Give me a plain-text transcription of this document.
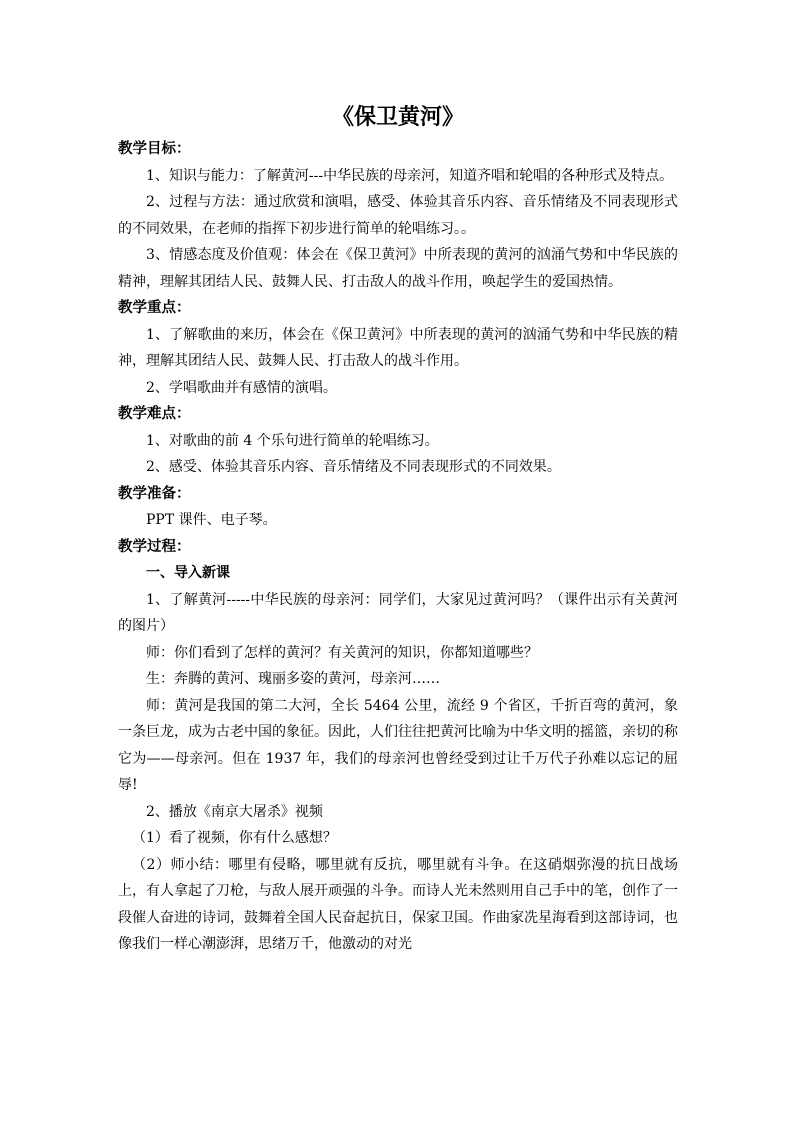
《保卫黄河》

教学目标：

1、知识与能力：了解黄河---中华民族的母亲河，知道齐唱和轮唱的各种形式及特点。

2、过程与方法：通过欣赏和演唱，感受、体验其音乐内容、音乐情绪及不同表现形式的不同效果，在老师的指挥下初步进行简单的轮唱练习。。

3、情感态度及价值观：体会在《保卫黄河》中所表现的黄河的汹涌气势和中华民族的精神，理解其团结人民、鼓舞人民、打击敌人的战斗作用，唤起学生的爱国热情。

教学重点：

1、了解歌曲的来历，体会在《保卫黄河》中所表现的黄河的汹涌气势和中华民族的精神，理解其团结人民、鼓舞人民、打击敌人的战斗作用。

2、学唱歌曲并有感情的演唱。

教学难点：

1、对歌曲的前 4 个乐句进行简单的轮唱练习。

2、感受、体验其音乐内容、音乐情绪及不同表现形式的不同效果。

教学准备：

PPT 课件、电子琴。

教学过程：

一、导入新课

1、了解黄河-----中华民族的母亲河：同学们，大家见过黄河吗？（课件出示有关黄河的图片）

师：你们看到了怎样的黄河？有关黄河的知识，你都知道哪些？

生：奔腾的黄河、瑰丽多姿的黄河，母亲河……

师：黄河是我国的第二大河，全长 5464 公里，流经 9 个省区，千折百弯的黄河，象一条巨龙，成为古老中国的象征。因此，人们往往把黄河比喻为中华文明的摇篮，亲切的称它为——母亲河。但在 1937 年，我们的母亲河也曾经受到过让千万代子孙难以忘记的屈辱!

2、播放《南京大屠杀》视频

（1）看了视频，你有什么感想？

（2）师小结：哪里有侵略，哪里就有反抗，哪里就有斗争。在这硝烟弥漫的抗日战场上，有人拿起了刀枪，与敌人展开顽强的斗争。而诗人光未然则用自己手中的笔，创作了一段催人奋进的诗词，鼓舞着全国人民奋起抗日，保家卫国。作曲家冼星海看到这部诗词，也像我们一样心潮澎湃，思绪万千，他激动的对光
